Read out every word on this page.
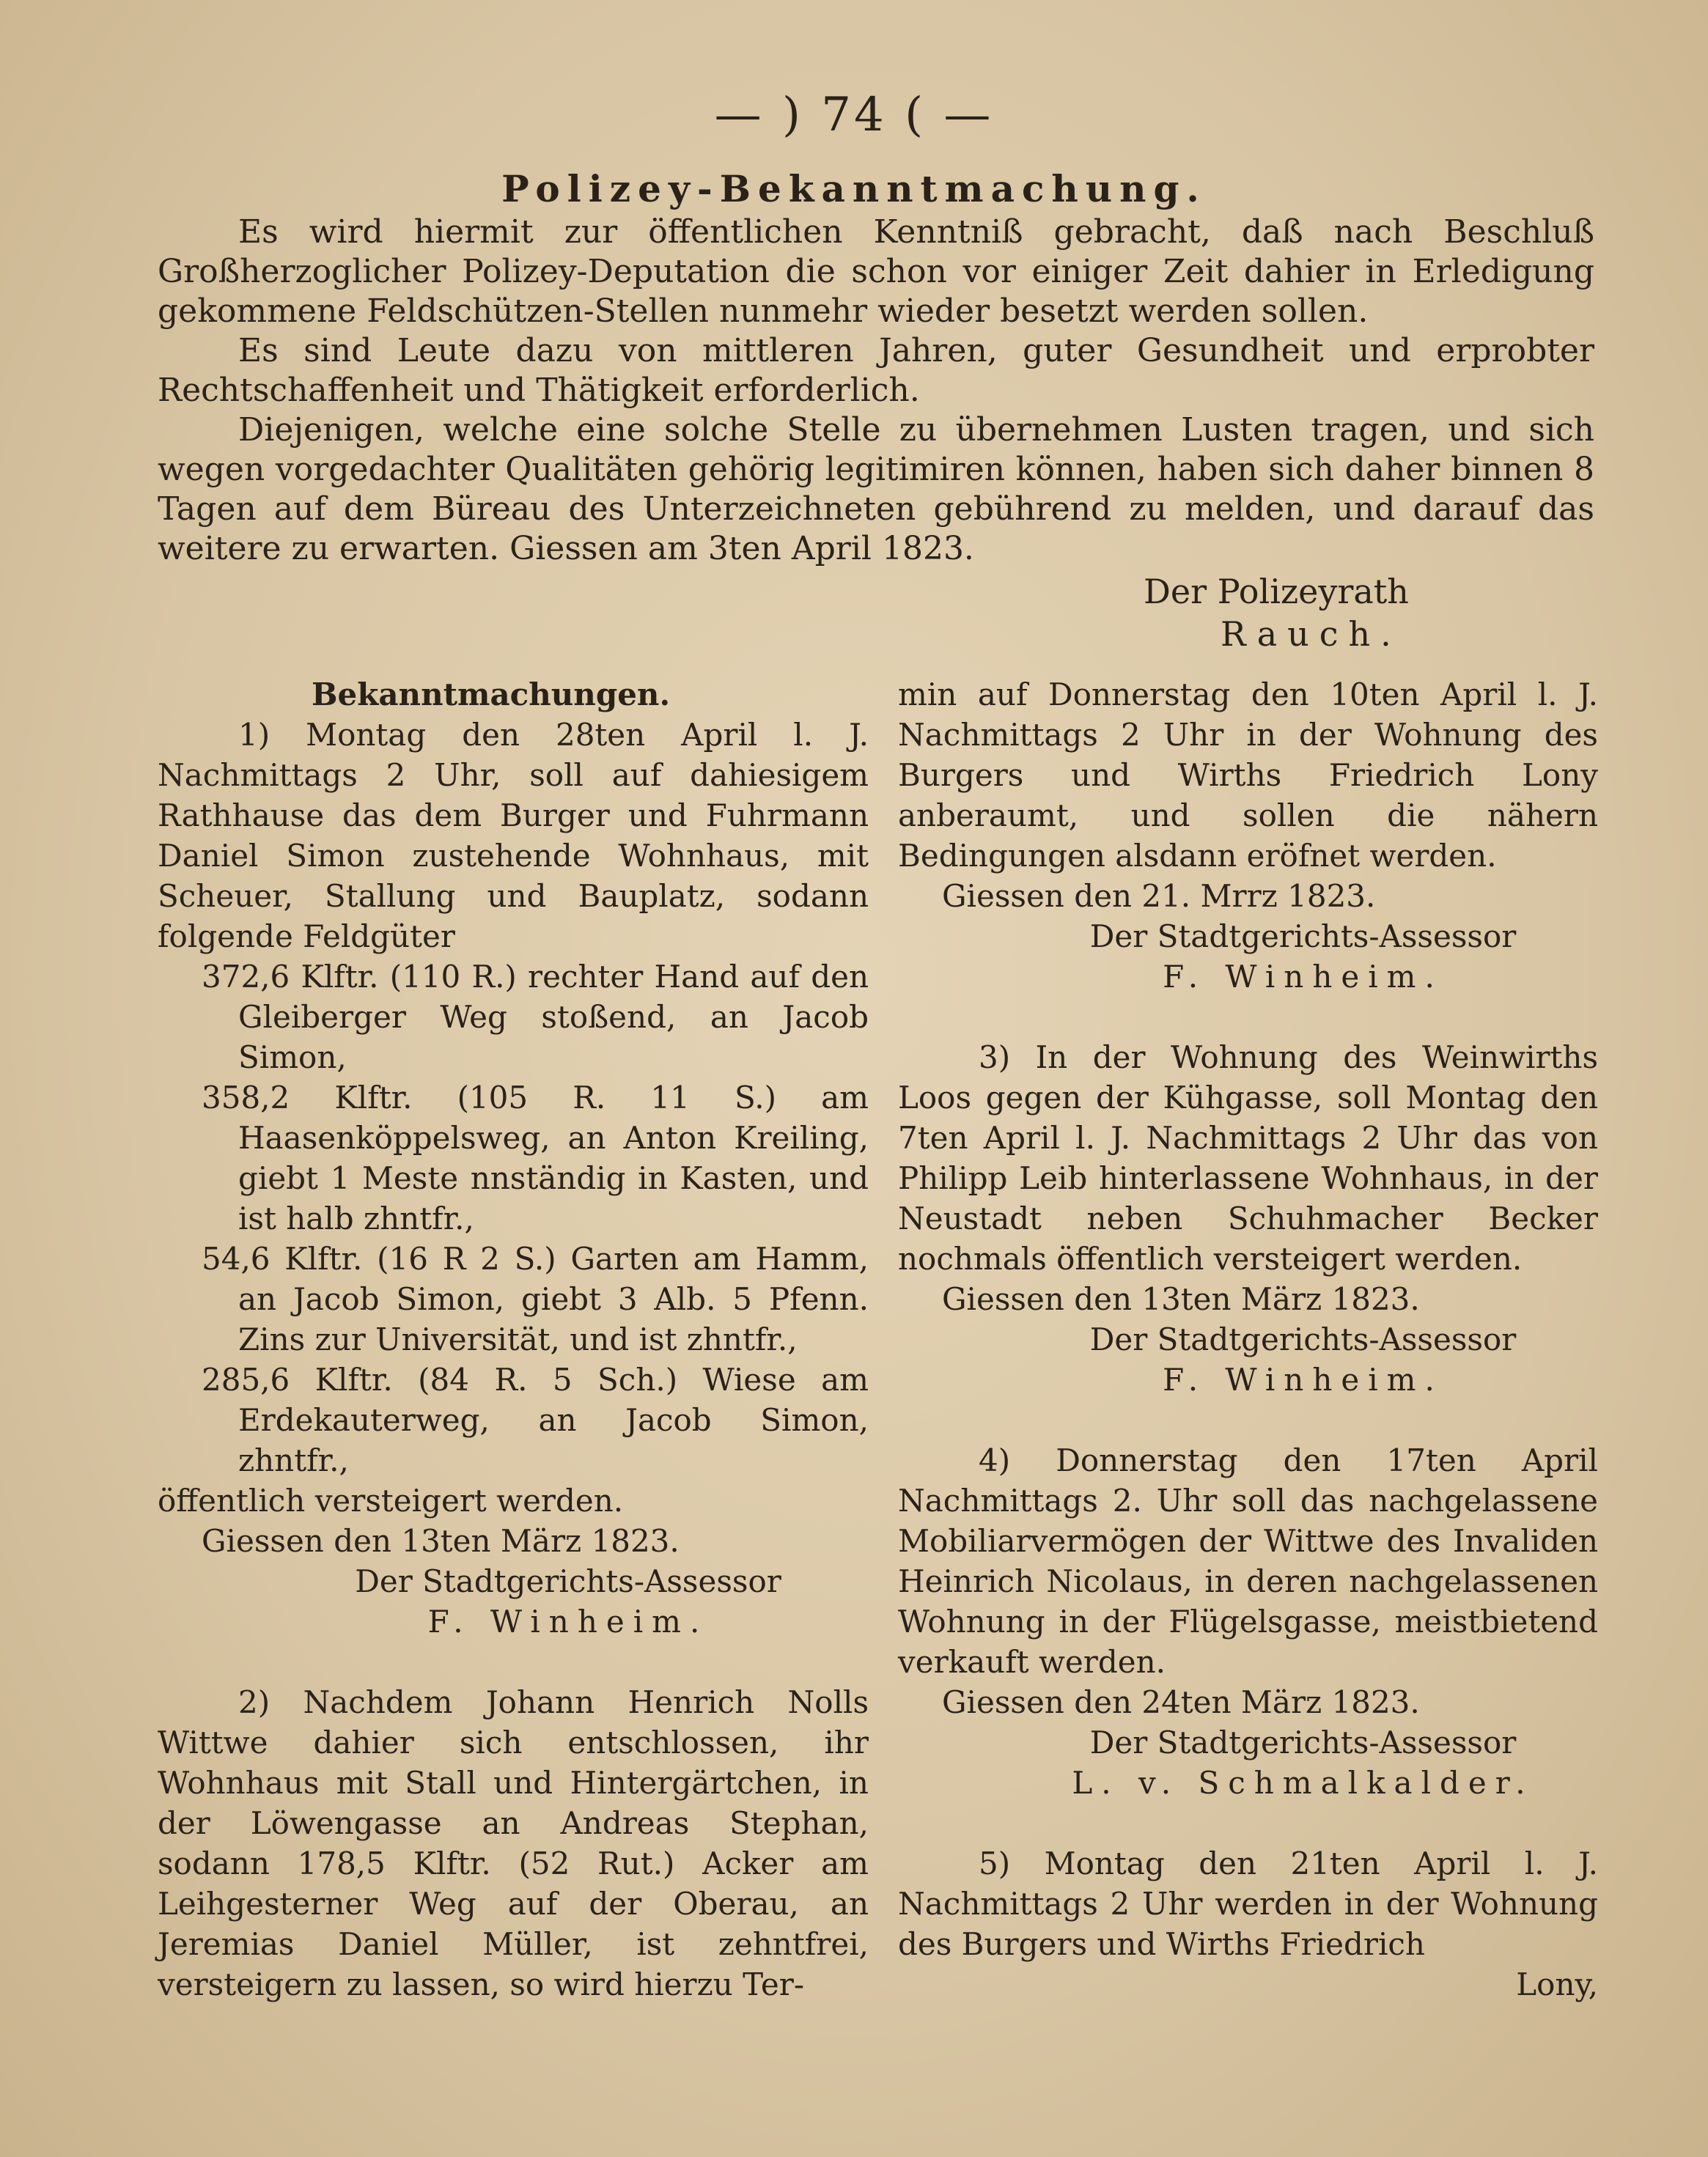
— ) 74 ( —
Polizey-Bekanntmachung.

Es wird hiermit zur öffentlichen Kenntniß gebracht, daß nach Beschluß Großherzoglicher Polizey-Deputation die schon vor einiger Zeit dahier in Erledigung gekommene Feldschützen-Stellen nunmehr wieder besetzt werden sollen.

Es sind Leute dazu von mittleren Jahren, guter Gesundheit und erprobter Rechtschaffenheit und Thätigkeit erforderlich.

Diejenigen, welche eine solche Stelle zu übernehmen Lusten tragen, und sich wegen vorgedachter Qualitäten gehörig legitimiren können, haben sich daher binnen 8 Tagen auf dem Büreau des Unterzeichneten gebührend zu melden, und darauf das weitere zu erwarten. Giessen am 3ten April 1823.

Der Polizeyrath
Rauch.

Bekanntmachungen.

1) Montag den 28ten April l. J. Nachmittags 2 Uhr, soll auf dahiesigem Rathhause das dem Burger und Fuhrmann Daniel Simon zustehende Wohnhaus, mit Scheuer, Stallung und Bauplatz, sodann folgende Feldgüter

372,6 Klftr. (110 R.) rechter Hand auf den Gleiberger Weg stoßend, an Jacob Simon,

358,2 Klftr. (105 R. 11 S.) am Haasenköppelsweg, an Anton Kreiling, giebt 1 Meste nnständig in Kasten, und ist halb zhntfr.,

54,6 Klftr. (16 R 2 S.) Garten am Hamm, an Jacob Simon, giebt 3 Alb. 5 Pfenn. Zins zur Universität, und ist zhntfr.,

285,6 Klftr. (84 R. 5 Sch.) Wiese am Erdekauterweg, an Jacob Simon, zhntfr.,

öffentlich versteigert werden.

Giessen den 13ten März 1823.

Der Stadtgerichts-Assessor

F. Winheim.

2) Nachdem Johann Henrich Nolls Wittwe dahier sich entschlossen, ihr Wohnhaus mit Stall und Hintergärtchen, in der Löwengasse an Andreas Stephan, sodann 178,5 Klftr. (52 Rut.) Acker am Leihgesterner Weg auf der Oberau, an Jeremias Daniel Müller, ist zehntfrei, versteigern zu lassen, so wird hierzu Ter-

min auf Donnerstag den 10ten April l. J. Nachmittags 2 Uhr in der Wohnung des Burgers und Wirths Friedrich Lony anberaumt, und sollen die nähern Bedingungen alsdann eröfnet werden.

Giessen den 21. Mrrz 1823.

Der Stadtgerichts-Assessor

F. Winheim.

3) In der Wohnung des Weinwirths Loos gegen der Kühgasse, soll Montag den 7ten April l. J. Nachmittags 2 Uhr das von Philipp Leib hinterlassene Wohnhaus, in der Neustadt neben Schuhmacher Becker nochmals öffentlich versteigert werden.

Giessen den 13ten März 1823.

Der Stadtgerichts-Assessor

F. Winheim.

4) Donnerstag den 17ten April Nachmittags 2. Uhr soll das nachgelassene Mobiliarvermögen der Wittwe des Invaliden Heinrich Nicolaus, in deren nachgelassenen Wohnung in der Flügelsgasse, meistbietend verkauft werden.

Giessen den 24ten März 1823.

Der Stadtgerichts-Assessor

L. v. Schmalkalder.

5) Montag den 21ten April l. J. Nachmittags 2 Uhr werden in der Wohnung des Burgers und Wirths Friedrich

Lony,
